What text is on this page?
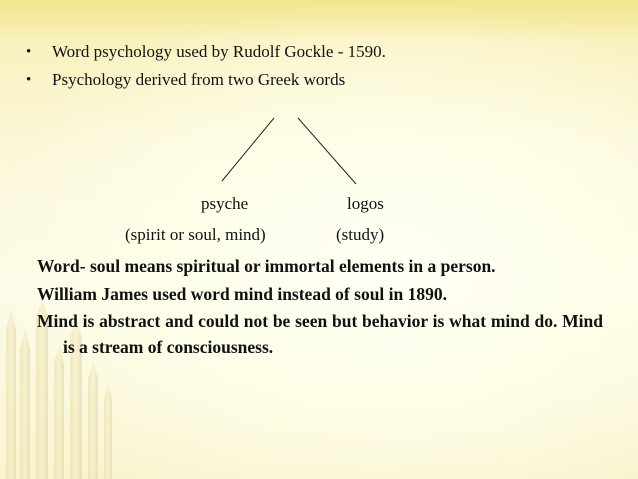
• Word psychology used by Rudolf Gockle - 1590.
• Psychology derived from two Greek words
psyche	logos
(spirit or soul, mind)	(study)
Word- soul means spiritual or immortal elements in a person.
William James used word mind instead of soul in 1890.
Mind is abstract and could not be seen but behavior is what mind do. Mind is a stream of consciousness.
